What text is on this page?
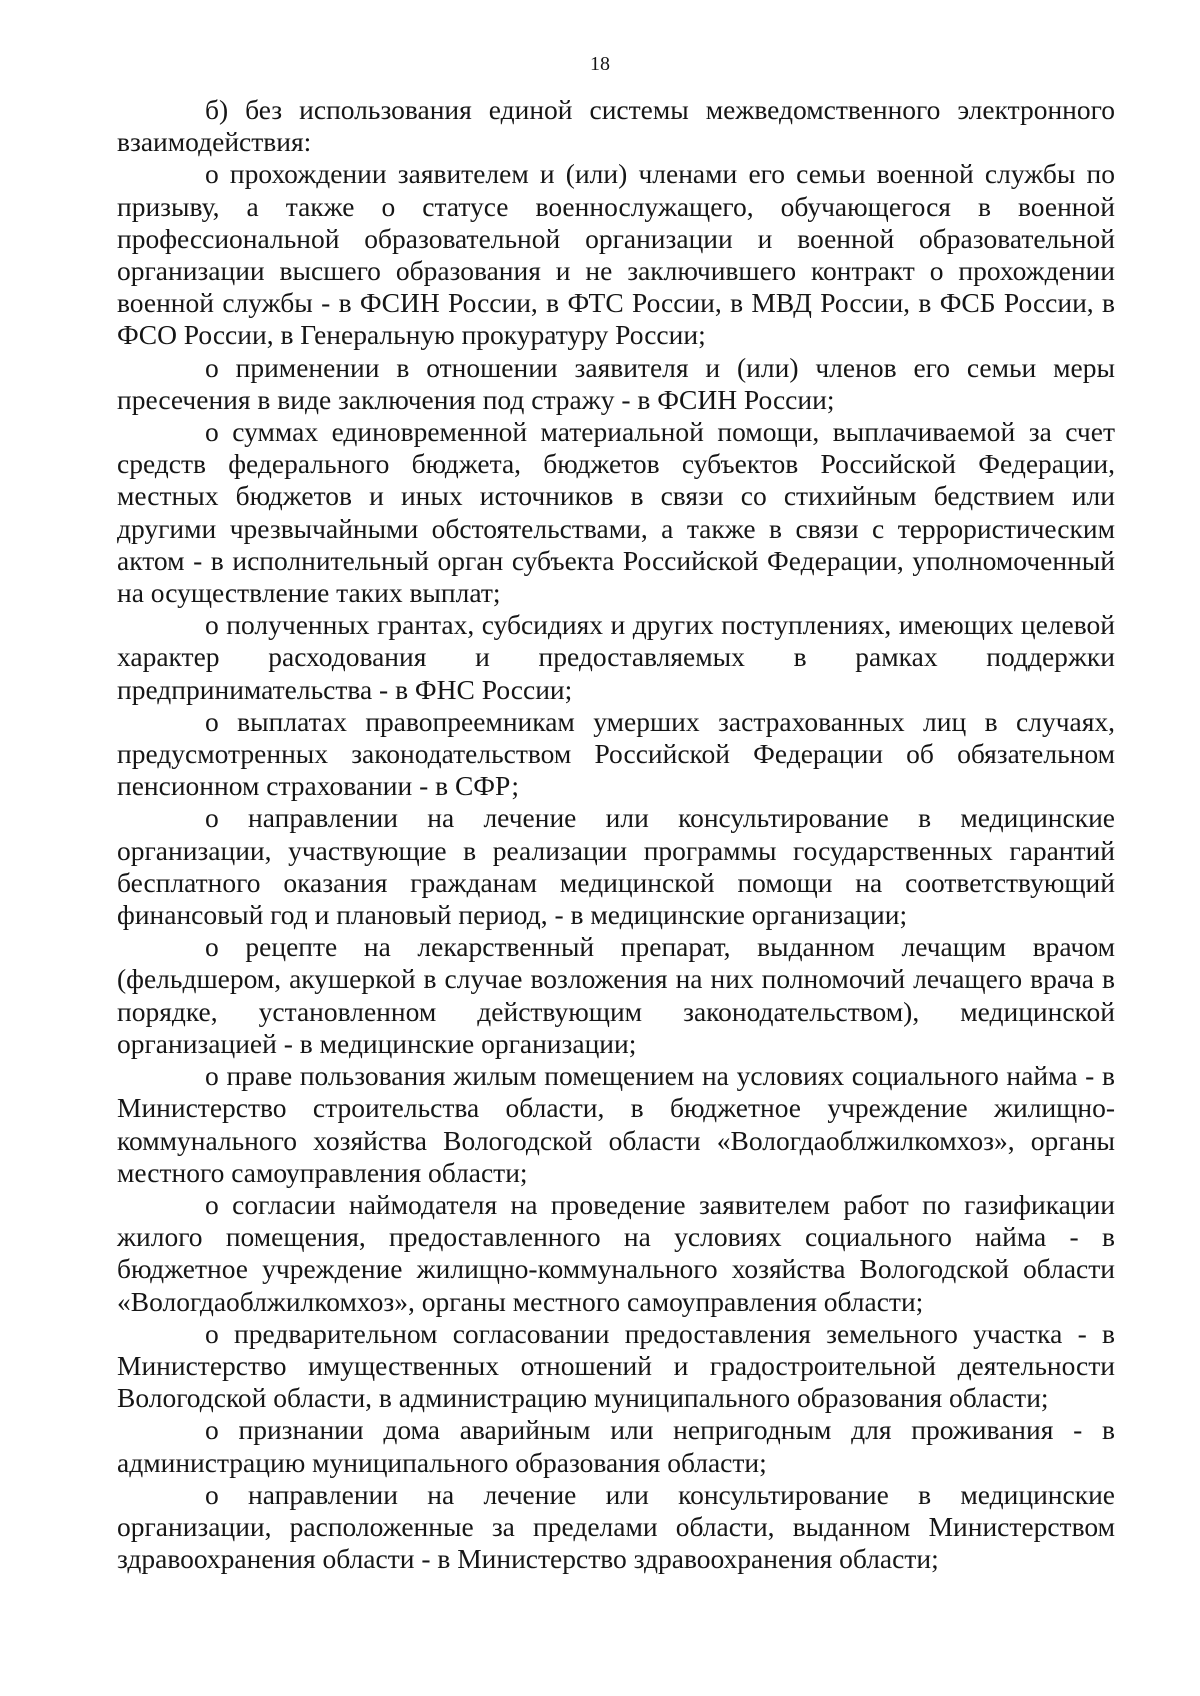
18

б) без использования единой системы межведомственного электронного взаимодействия:

о прохождении заявителем и (или) членами его семьи военной службы по призыву, а также о статусе военнослужащего, обучающегося в военной профессиональной образовательной организации и военной образовательной организации высшего образования и не заключившего контракт о прохождении военной службы - в ФСИН России, в ФТС России, в МВД России, в ФСБ России, в ФСО России, в Генеральную прокуратуру России;

о применении в отношении заявителя и (или) членов его семьи меры пресечения в виде заключения под стражу - в ФСИН России;

о суммах единовременной материальной помощи, выплачиваемой за счет средств федерального бюджета, бюджетов субъектов Российской Федерации, местных бюджетов и иных источников в связи со стихийным бедствием или другими чрезвычайными обстоятельствами, а также в связи с террористическим актом - в исполнительный орган субъекта Российской Федерации, уполномоченный на осуществление таких выплат;

о полученных грантах, субсидиях и других поступлениях, имеющих целевой характер расходования и предоставляемых в рамках поддержки предпринимательства - в ФНС России;

о выплатах правопреемникам умерших застрахованных лиц в случаях, предусмотренных законодательством Российской Федерации об обязательном пенсионном страховании - в СФР;

о направлении на лечение или консультирование в медицинские организации, участвующие в реализации программы государственных гарантий бесплатного оказания гражданам медицинской помощи на соответствующий финансовый год и плановый период, - в медицинские организации;

о рецепте на лекарственный препарат, выданном лечащим врачом (фельдшером, акушеркой в случае возложения на них полномочий лечащего врача в порядке, установленном действующим законодательством), медицинской организацией - в медицинские организации;

о праве пользования жилым помещением на условиях социального найма - в Министерство строительства области, в бюджетное учреждение жилищно-коммунального хозяйства Вологодской области «Вологдаоблжилкомхоз», органы местного самоуправления области;

о согласии наймодателя на проведение заявителем работ по газификации жилого помещения, предоставленного на условиях социального найма - в бюджетное учреждение жилищно-коммунального хозяйства Вологодской области «Вологдаоблжилкомхоз», органы местного самоуправления области;

о предварительном согласовании предоставления земельного участка - в Министерство имущественных отношений и градостроительной деятельности Вологодской области, в администрацию муниципального образования области;

о признании дома аварийным или непригодным для проживания - в администрацию муниципального образования области;

о направлении на лечение или консультирование в медицинские организации, расположенные за пределами области, выданном Министерством здравоохранения области - в Министерство здравоохранения области;
